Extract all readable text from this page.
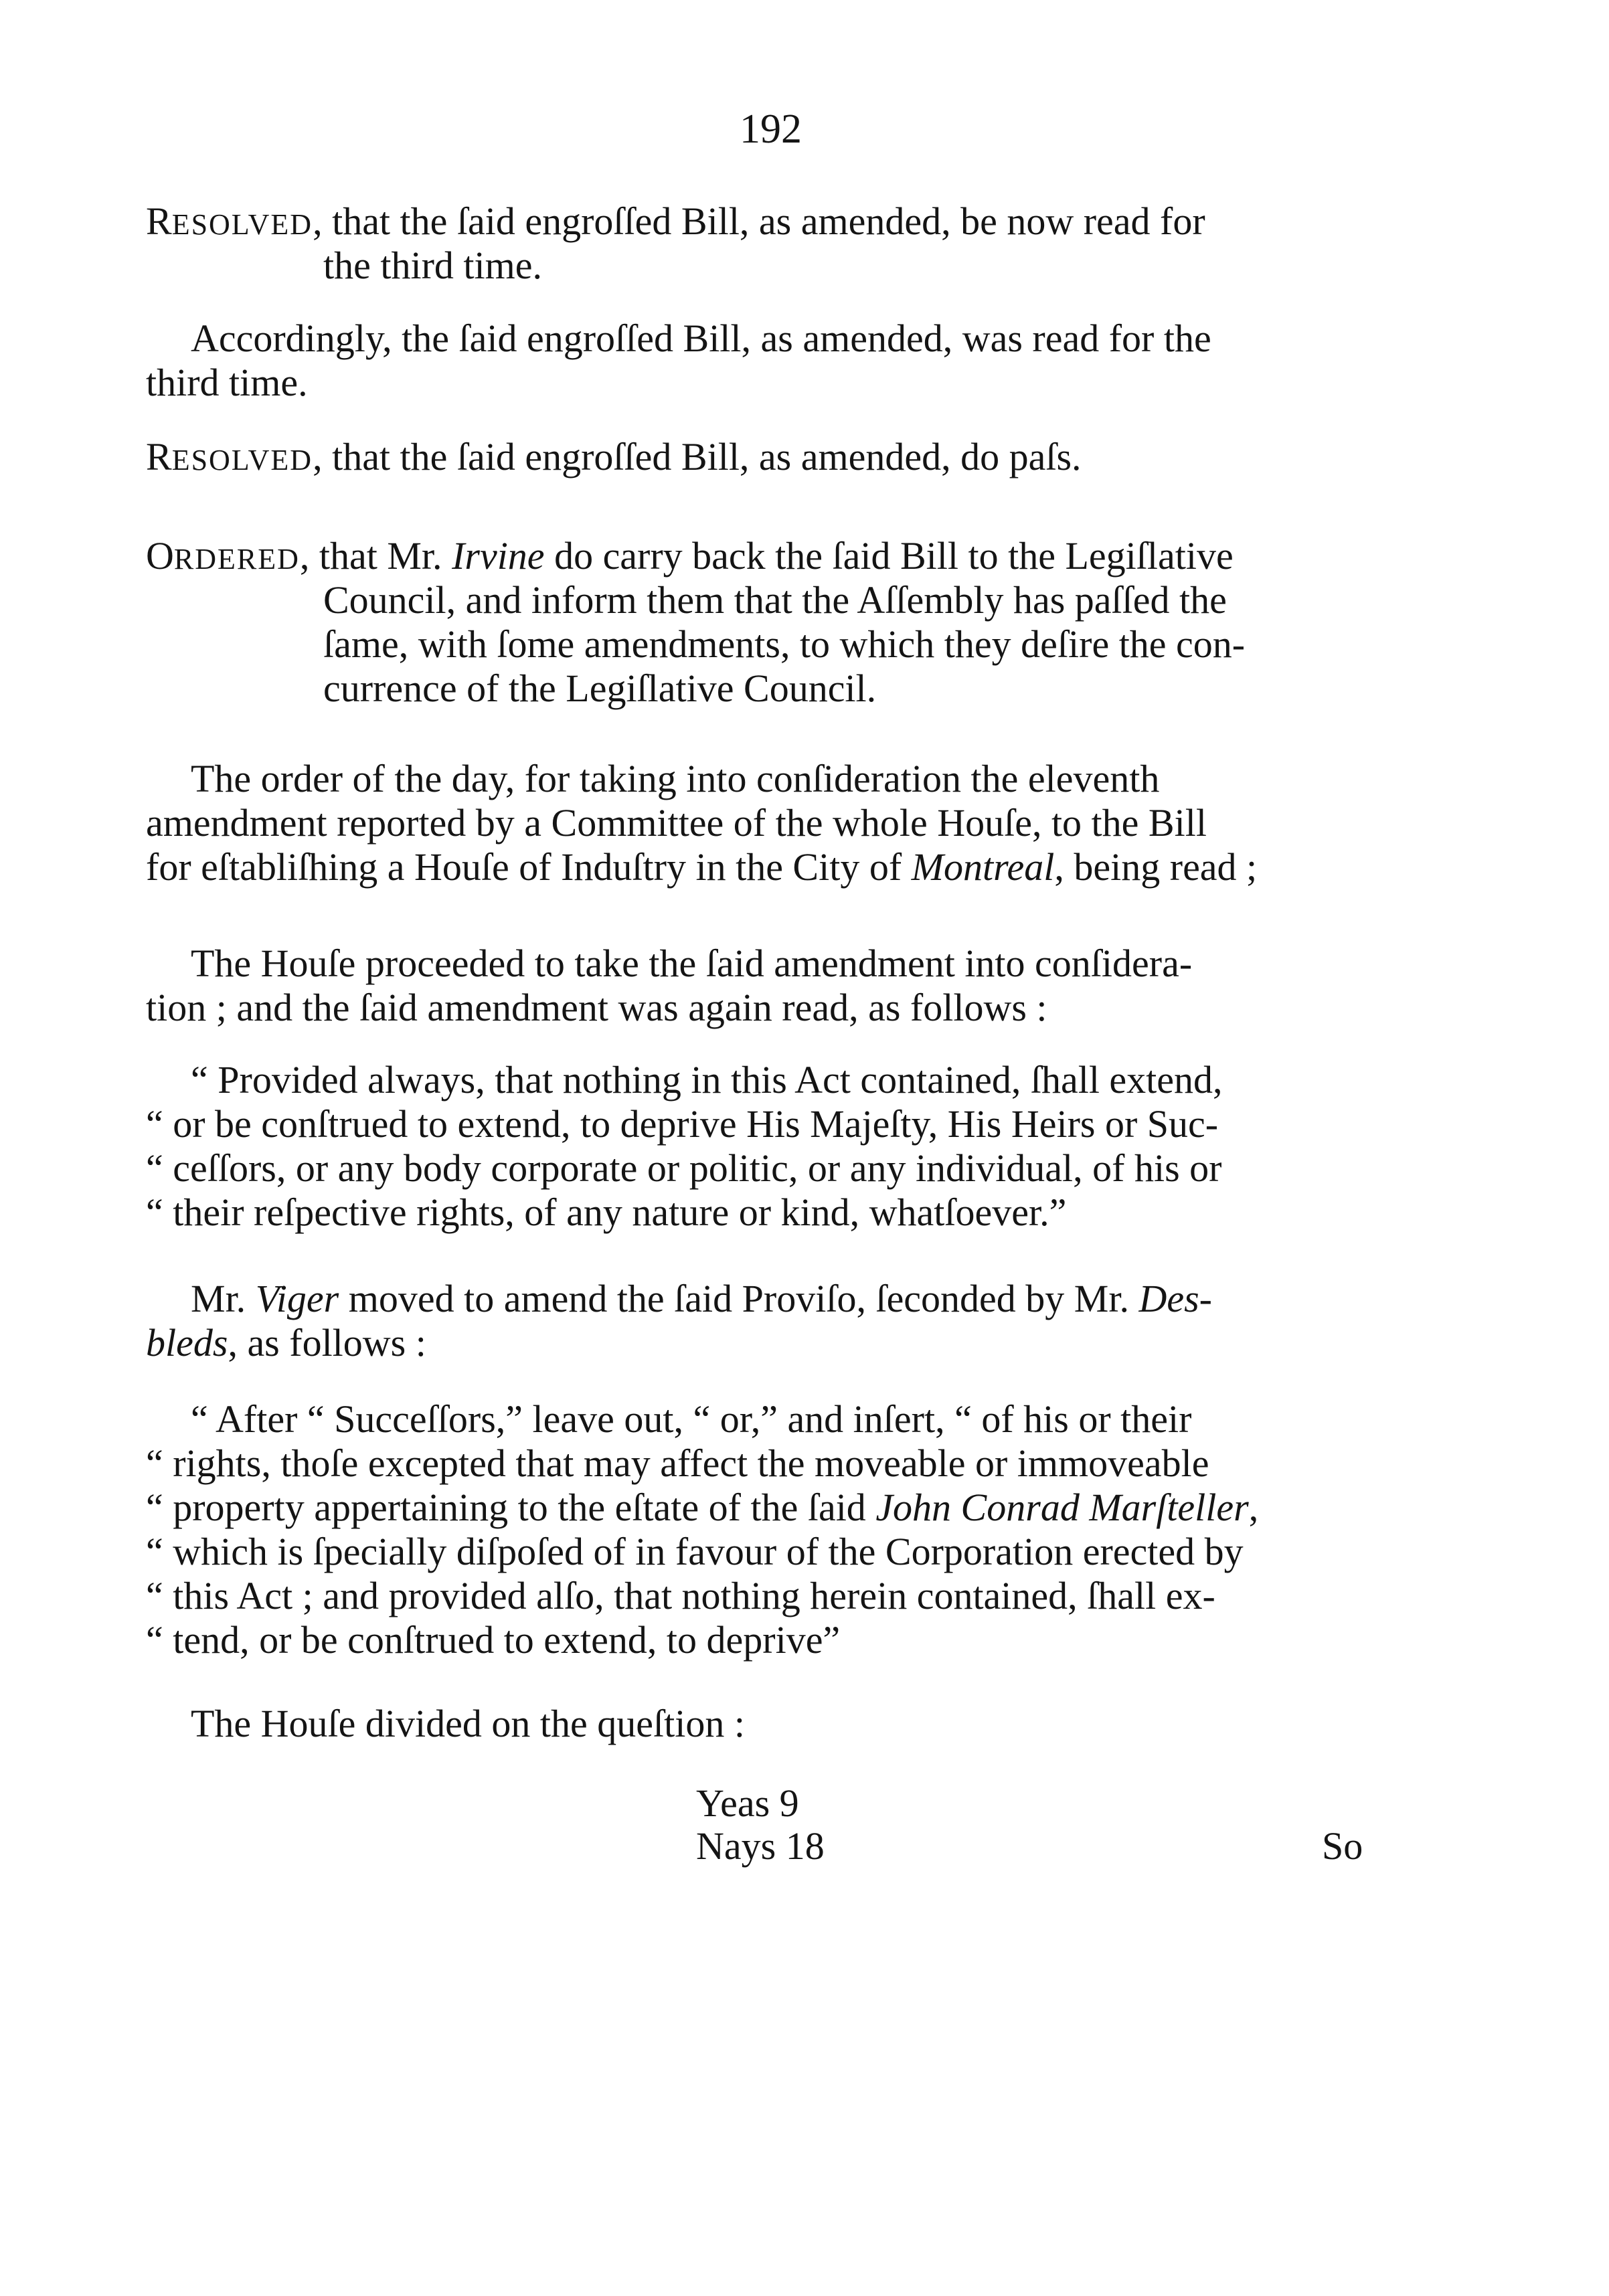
192
RESOLVED, that the ſaid engroſſed Bill, as amended, be now read for
the third time.
Accordingly, the ſaid engroſſed Bill, as amended, was read for the
third time.
RESOLVED, that the ſaid engroſſed Bill, as amended, do paſs.
ORDERED, that Mr. Irvine do carry back the ſaid Bill to the Legiſlative
Council, and inform them that the Aſſembly has paſſed the
ſame, with ſome amendments, to which they deſire the con-
currence of the Legiſlative Council.
The order of the day, for taking into conſideration the eleventh
amendment reported by a Committee of the whole Houſe, to the Bill
for eſtabliſhing a Houſe of Induſtry in the City of Montreal, being read ;
The Houſe proceeded to take the ſaid amendment into conſidera-
tion ; and the ſaid amendment was again read, as follows :
“ Provided always, that nothing in this Act contained, ſhall extend,
“ or be conſtrued to extend, to deprive His Majeſty, His Heirs or Suc-
“ ceſſors, or any body corporate or politic, or any individual, of his or
“ their reſpective rights, of any nature or kind, whatſoever.”
Mr. Viger moved to amend the ſaid Proviſo, ſeconded by Mr. Des-
bleds, as follows :
“ After “ Succeſſors,” leave out, “ or,” and inſert, “ of his or their
“ rights, thoſe excepted that may affect the moveable or immoveable
“ property appertaining to the eſtate of the ſaid John Conrad Marſteller,
“ which is ſpecially diſpoſed of in favour of the Corporation erected by
“ this Act ; and provided alſo, that nothing herein contained, ſhall ex-
“ tend, or be conſtrued to extend, to deprive”
The Houſe divided on the queſtion :
Yeas 9
Nays 18	So
